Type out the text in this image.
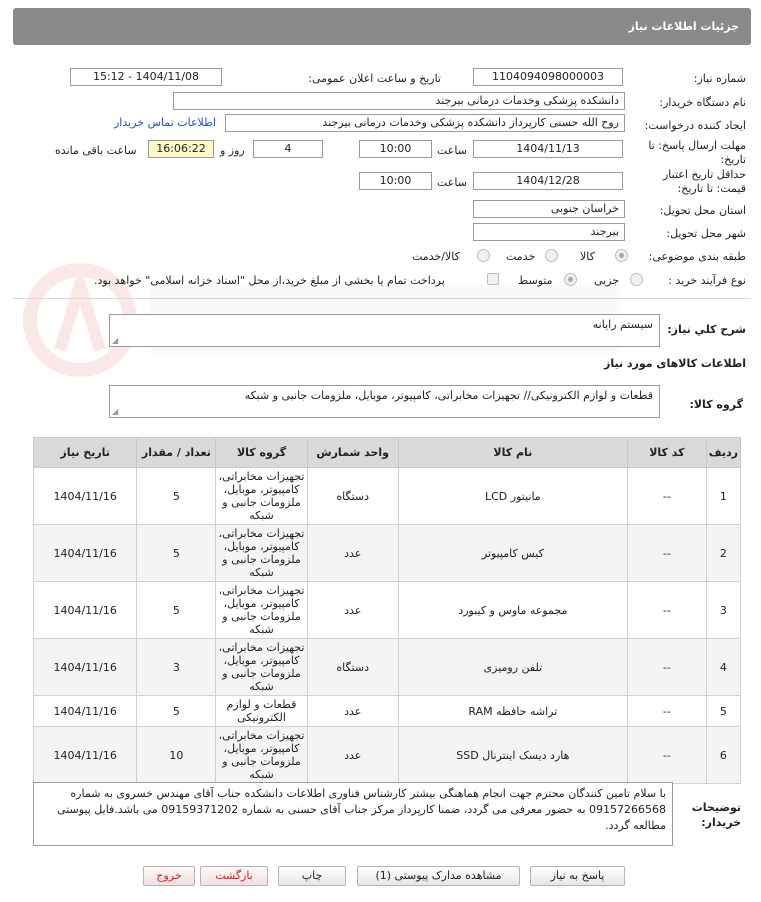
جزئیات اطلاعات نیاز
شماره نیاز:
1104094098000003
تاریخ و ساعت اعلان عمومی:
1404/11/08 - 15:12
نام دستگاه خریدار:
دانشکده پزشکی وخدمات درمانی بیرجند
ایجاد کننده درخواست:
روح الله حسنی کارپرداز دانشکده پزشکی وخدمات درمانی بیرجند
اطلاعات تماس خریدار
مهلت ارسال پاسخ: تا
تاریخ:
1404/11/13
ساعت
10:00
4
روز و
16:06:22
ساعت باقی مانده
حداقل تاریخ اعتبار
قیمت: تا تاریخ:
1404/12/28
ساعت
10:00
استان محل تحویل:
خراسان جنوبی
شهر محل تحویل:
بیرجند
طبقه بندی موضوعی:
کالا
خدمت
کالا/خدمت
نوع فرآیند خرید :
جزیی
متوسط
پرداخت تمام یا بخشی از مبلغ خرید،از محل "اسناد خزانه اسلامی" خواهد بود.
شرح کلي نياز:
سیستم رایانه
◢
اطلاعات کالاهای مورد نیاز
گروه کالا:
قطعات و لوازم الکترونیکی// تجهیزات مخابراتی، کامپیوتر، موبایل، ملزومات جانبی و شبکه
◢
ردیف	کد کالا	نام کالا	واحد شمارش	گروه کالا	تعداد / مقدار	تاریخ نیاز
1	--	مانیتور LCD	دستگاه	تجهیزات مخابراتی، کامپیوتر، موبایل، ملزومات جانبی و شبکه	5	1404/11/16
2	--	کیس کامپیوتر	عدد	تجهیزات مخابراتی، کامپیوتر، موبایل، ملزومات جانبی و شبکه	5	1404/11/16
3	--	مجموعه ماوس و کیبورد	عدد	تجهیزات مخابراتی، کامپیوتر، موبایل، ملزومات جانبی و شبکه	5	1404/11/16
4	--	تلفن رومیزی	دستگاه	تجهیزات مخابراتی، کامپیوتر، موبایل، ملزومات جانبی و شبکه	3	1404/11/16
5	--	تراشه حافظه RAM	عدد	قطعات و لوازم الکترونیکی	5	1404/11/16
6	--	هارد دیسک اینترنال SSD	عدد	تجهیزات مخابراتی، کامپیوتر، موبایل، ملزومات جانبی و شبکه	10	1404/11/16
توضیحات
خریدار:
با سلام تامین کنندگان محترم جهت انجام هماهنگی بیشتر کارشناس فناوری اطلاعات دانشکده جناب آقای مهندس خسروی به شماره 09157266568 به حضور معرفی می گردد، ضمنا کارپرداز مرکز جناب آقای حسنی به شماره 09159371202 می باشد.فایل پیوستی مطالعه گردد.
پاسخ به نیاز
مشاهده مدارک پیوستی (1)
چاپ
بازگشت
خروج
